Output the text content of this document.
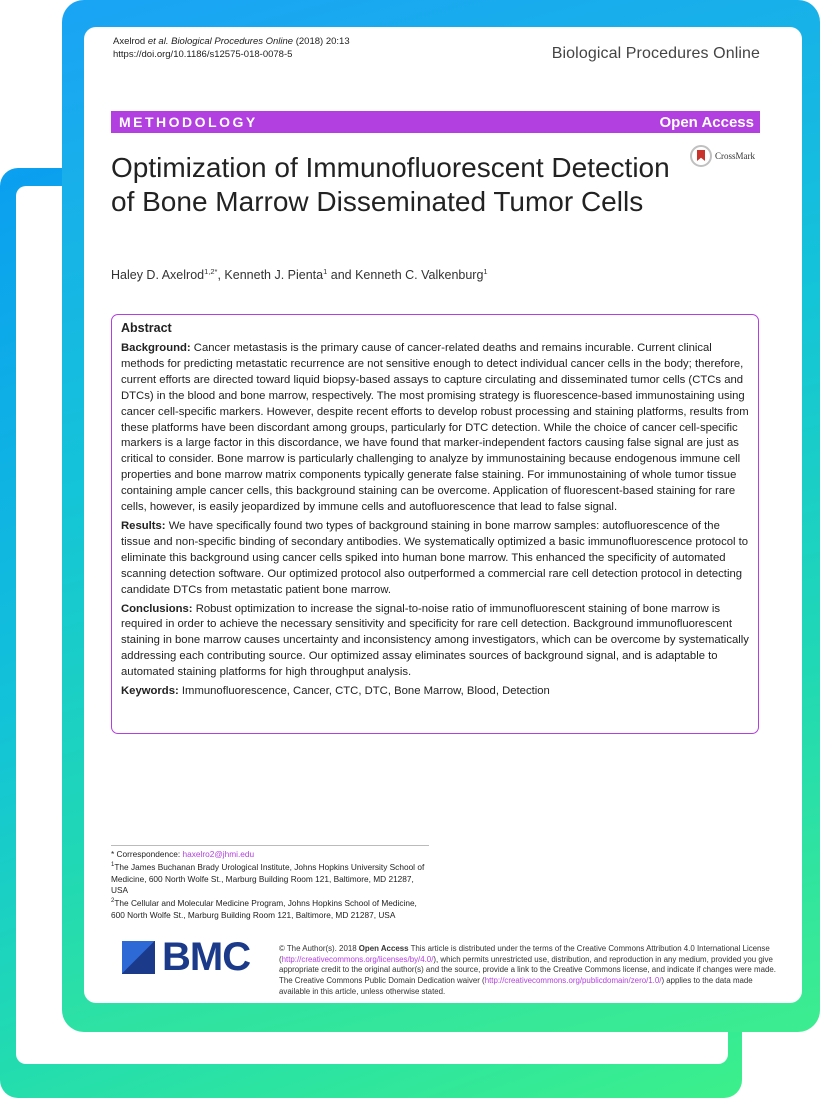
Axelrod et al. Biological Procedures Online (2018) 20:13
https://doi.org/10.1186/s12575-018-0078-5	Biological Procedures Online
METHODOLOGY	Open Access
Optimization of Immunofluorescent Detection of Bone Marrow Disseminated Tumor Cells
CrossMark
Haley D. Axelrod$^{1,2*}$, Kenneth J. Pienta$^1$ and Kenneth C. Valkenburg$^1$
Abstract

Background: Cancer metastasis is the primary cause of cancer-related deaths and remains incurable. Current clinical methods for predicting metastatic recurrence are not sensitive enough to detect individual cancer cells in the body; therefore, current efforts are directed toward liquid biopsy-based assays to capture circulating and disseminated tumor cells (CTCs and DTCs) in the blood and bone marrow, respectively. The most promising strategy is fluorescence-based immunostaining using cancer cell-specific markers. However, despite recent efforts to develop robust processing and staining platforms, results from these platforms have been discordant among groups, particularly for DTC detection. While the choice of cancer cell-specific markers is a large factor in this discordance, we have found that marker-independent factors causing false signal are just as critical to consider. Bone marrow is particularly challenging to analyze by immunostaining because endogenous immune cell properties and bone marrow matrix components typically generate false staining. For immunostaining of whole tumor tissue containing ample cancer cells, this background staining can be overcome. Application of fluorescent-based staining for rare cells, however, is easily jeopardized by immune cells and autofluorescence that lead to false signal.

Results: We have specifically found two types of background staining in bone marrow samples: autofluorescence of the tissue and non-specific binding of secondary antibodies. We systematically optimized a basic immunofluorescence protocol to eliminate this background using cancer cells spiked into human bone marrow. This enhanced the specificity of automated scanning detection software. Our optimized protocol also outperformed a commercial rare cell detection protocol in detecting candidate DTCs from metastatic patient bone marrow.

Conclusions: Robust optimization to increase the signal-to-noise ratio of immunofluorescent staining of bone marrow is required in order to achieve the necessary sensitivity and specificity for rare cell detection. Background immunofluorescent staining in bone marrow causes uncertainty and inconsistency among investigators, which can be overcome by systematically addressing each contributing source. Our optimized assay eliminates sources of background signal, and is adaptable to automated staining platforms for high throughput analysis.

Keywords: Immunofluorescence, Cancer, CTC, DTC, Bone Marrow, Blood, Detection

* Correspondence: haxelro2@jhmi.edu
$^1$The James Buchanan Brady Urological Institute, Johns Hopkins University School of Medicine, 600 North Wolfe St., Marburg Building Room 121, Baltimore, MD 21287, USA
$^2$The Cellular and Molecular Medicine Program, Johns Hopkins School of Medicine, 600 North Wolfe St., Marburg Building Room 121, Baltimore, MD 21287, USA
BMC	© The Author(s). 2018 Open Access This article is distributed under the terms of the Creative Commons Attribution 4.0 International License (http://creativecommons.org/licenses/by/4.0/), which permits unrestricted use, distribution, and reproduction in any medium, provided you give appropriate credit to the original author(s) and the source, provide a link to the Creative Commons license, and indicate if changes were made. The Creative Commons Public Domain Dedication waiver (http://creativecommons.org/publicdomain/zero/1.0/) applies to the data made available in this article, unless otherwise stated.
